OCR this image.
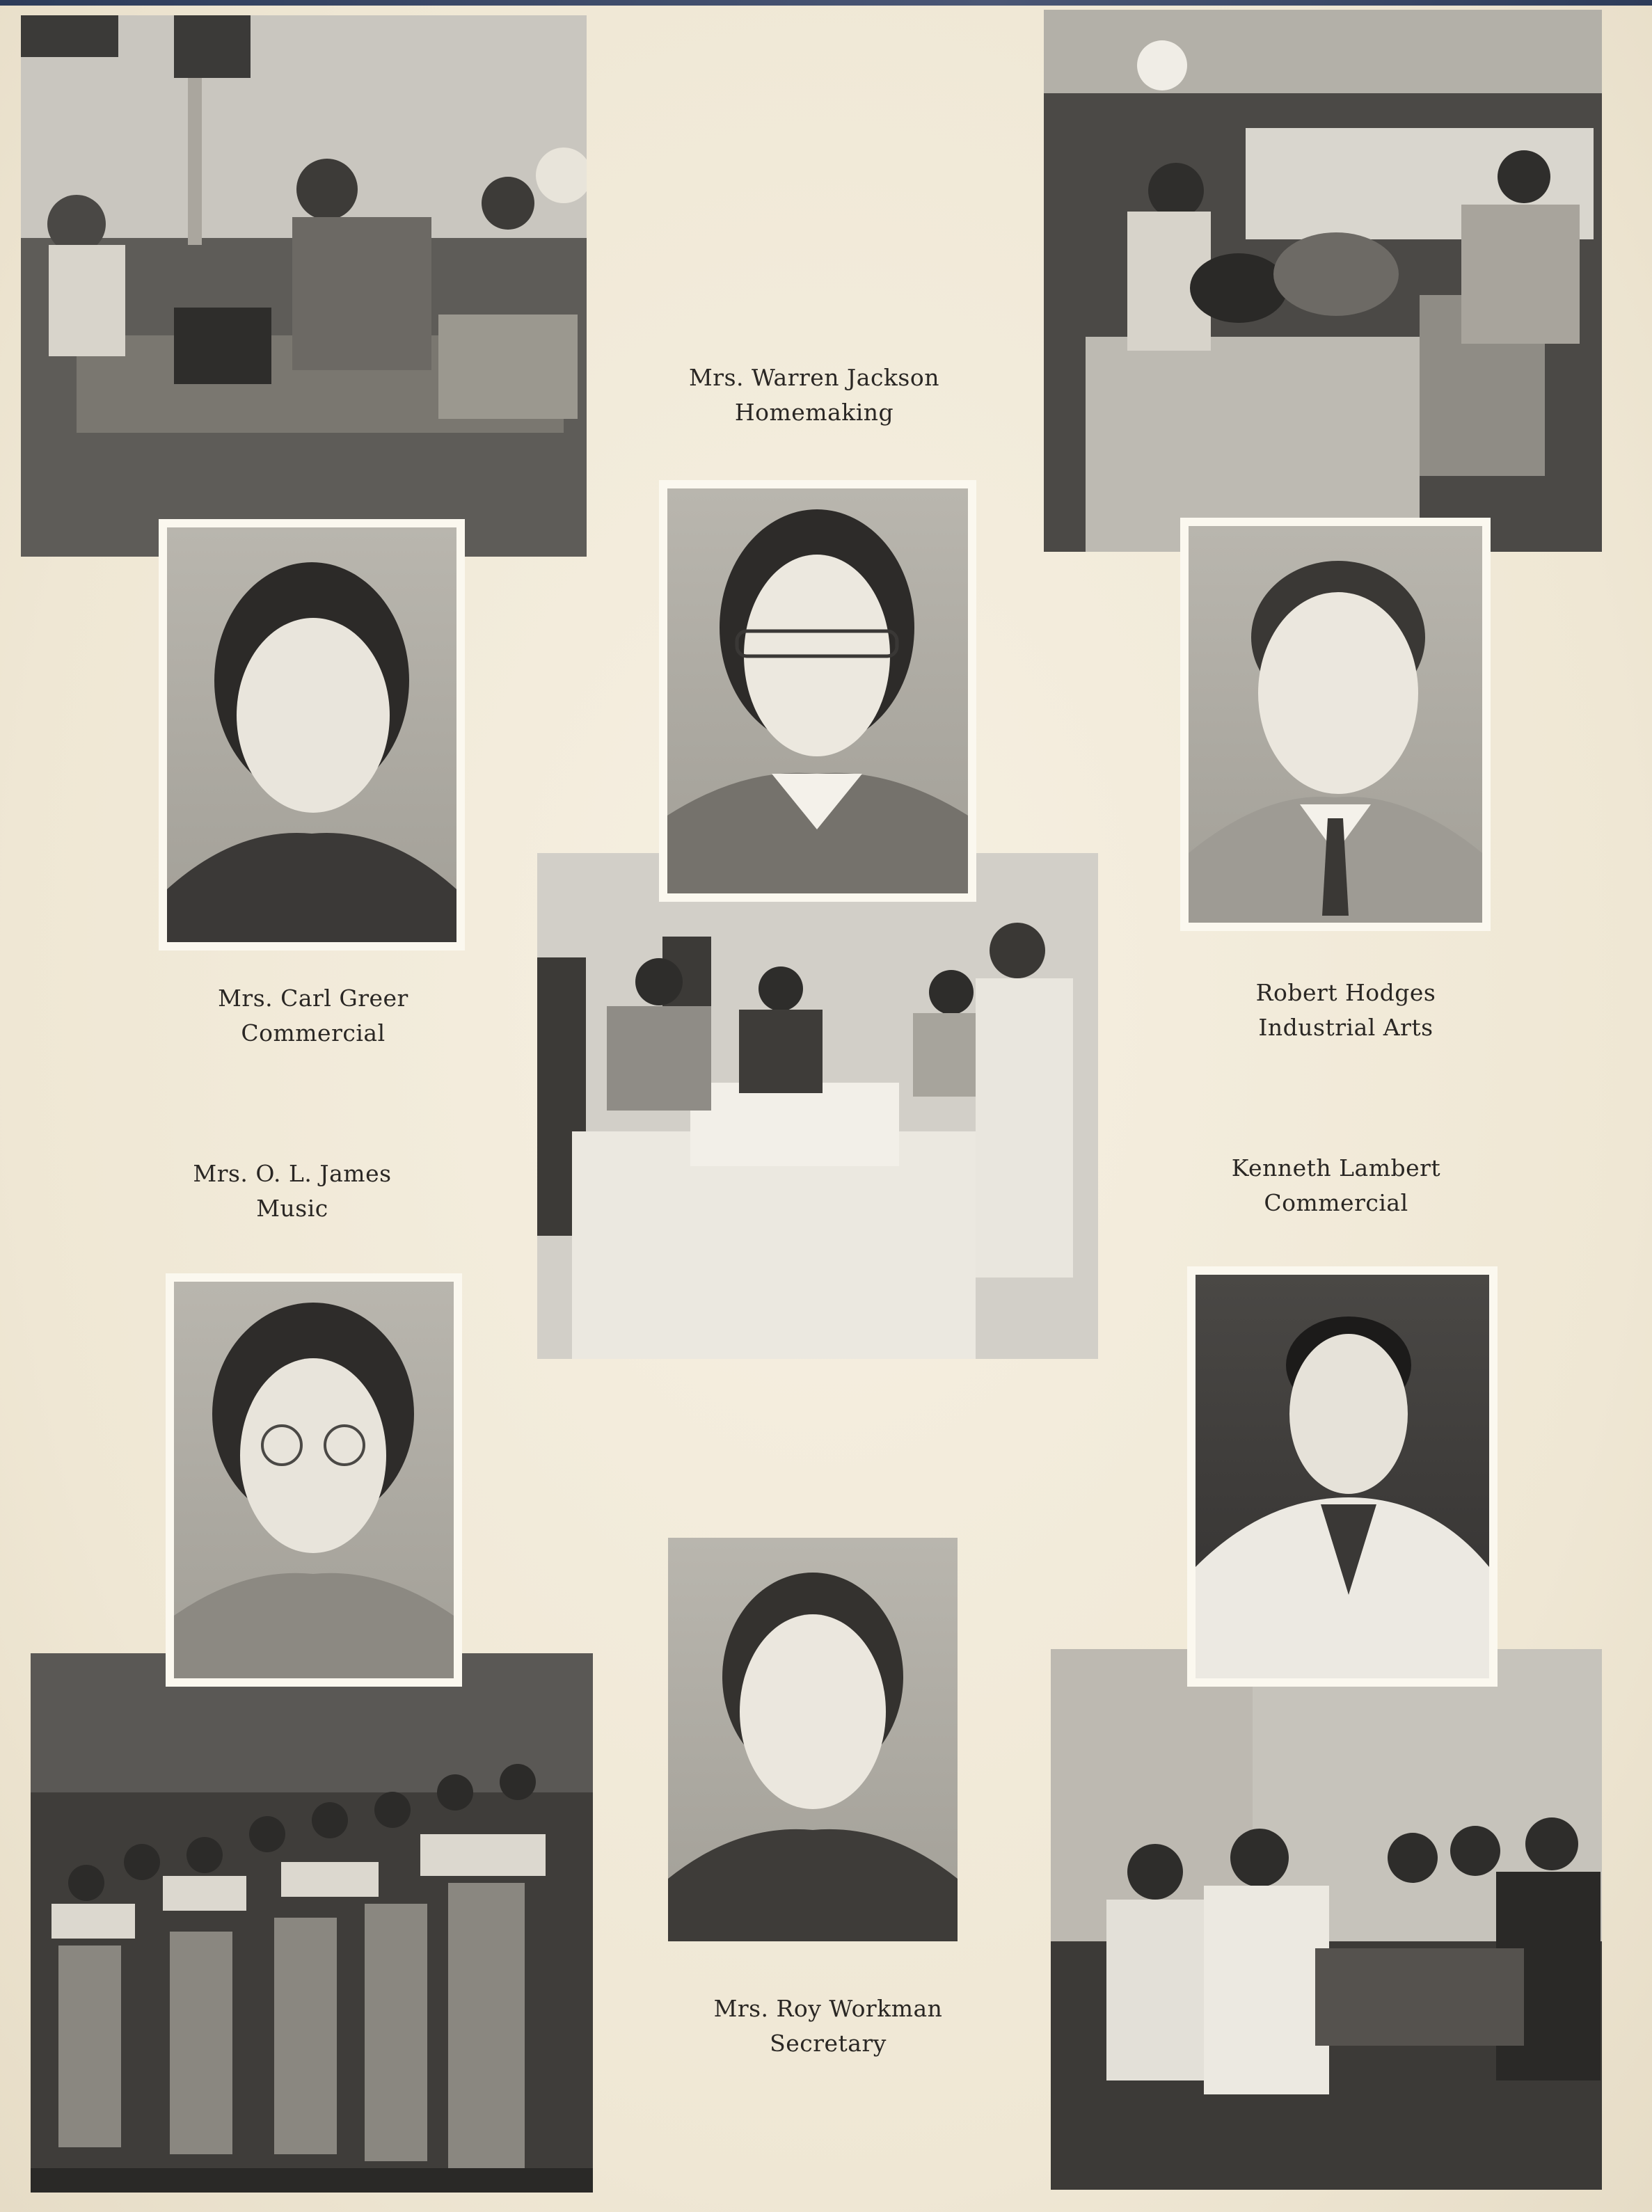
Mrs. Warren Jackson
Homemaking
Mrs. Carl Greer
Commercial
Robert Hodges
Industrial Arts
Mrs. O. L. James
Music
Kenneth Lambert
Commercial
Mrs. Roy Workman
Secretary
